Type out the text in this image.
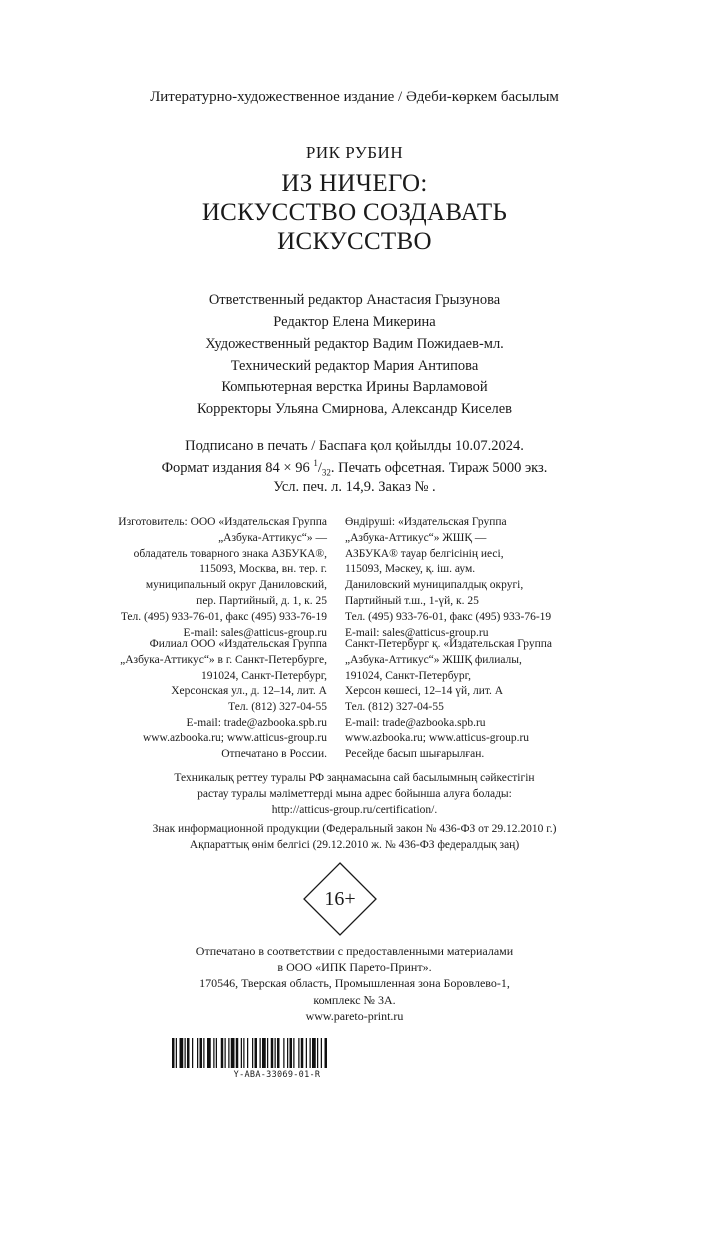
Литературно-художественное издание / Әдеби-көркем басылым
РИК РУБИН
ИЗ НИЧЕГО:
ИСКУССТВО СОЗДАВАТЬ
ИСКУССТВО
Ответственный редактор Анастасия Грызунова
Редактор Елена Микерина
Художественный редактор Вадим Пожидаев-мл.
Технический редактор Мария Антипова
Компьютерная верстка Ирины Варламовой
Корректоры Ульяна Смирнова, Александр Киселев
Подписано в печать / Баспаға қол қойылды 10.07.2024.
Формат издания 84 × 96 $^1/_{32}$. Печать офсетная. Тираж 5000 экз.
Усл. печ. л. 14,9. Заказ № .
Изготовитель: ООО «Издательская Группа
„Азбука-Аттикус“» —
обладатель товарного знака АЗБУКА®,
115093, Москва, вн. тер. г.
муниципальный округ Даниловский,
пер. Партийный, д. 1, к. 25
Тел. (495) 933-76-01, факс (495) 933-76-19
E-mail: sales@atticus-group.ru
Өндіруші: «Издательская Группа
„Азбука-Аттикус“» ЖШҚ —
АЗБУКА® тауар белгісінің иесі,
115093, Мәскеу, қ. іш. аум.
Даниловский муниципалдық округі,
Партийный т.ш., 1-үй, к. 25
Тел. (495) 933-76-01, факс (495) 933-76-19
E-mail: sales@atticus-group.ru
Филиал ООО «Издательская Группа
„Азбука-Аттикус“» в г. Санкт-Петербурге,
191024, Санкт-Петербург,
Херсонская ул., д. 12–14, лит. А
Тел. (812) 327-04-55
E-mail: trade@azbooka.spb.ru
Санкт-Петербург қ. «Издательская Группа
„Азбука-Аттикус“» ЖШҚ филиалы,
191024, Санкт-Петербург,
Херсон көшесі, 12–14 үй, лит. А
Тел. (812) 327-04-55
E-mail: trade@azbooka.spb.ru
www.azbooka.ru; www.atticus-group.ru
Отпечатано в России.
www.azbooka.ru; www.atticus-group.ru
Ресейде басып шығарылған.
Техникалық реттеу туралы РФ заңнамасына сай басылымның сәйкестігін
растау туралы мәліметтерді мына адрес бойынша алуға болады:
http://atticus-group.ru/certification/.
Знак информационной продукции (Федеральный закон № 436-ФЗ от 29.12.2010 г.)
Ақпараттық өнім белгісі (29.12.2010 ж. № 436-ФЗ федералдық заң)
16+
Отпечатано в соответствии с предоставленными материалами
в ООО «ИПК Парето-Принт».
170546, Тверская область, Промышленная зона Боровлево-1,
комплекс № 3А.
www.pareto-print.ru
Y-ABA-33069-01-R
